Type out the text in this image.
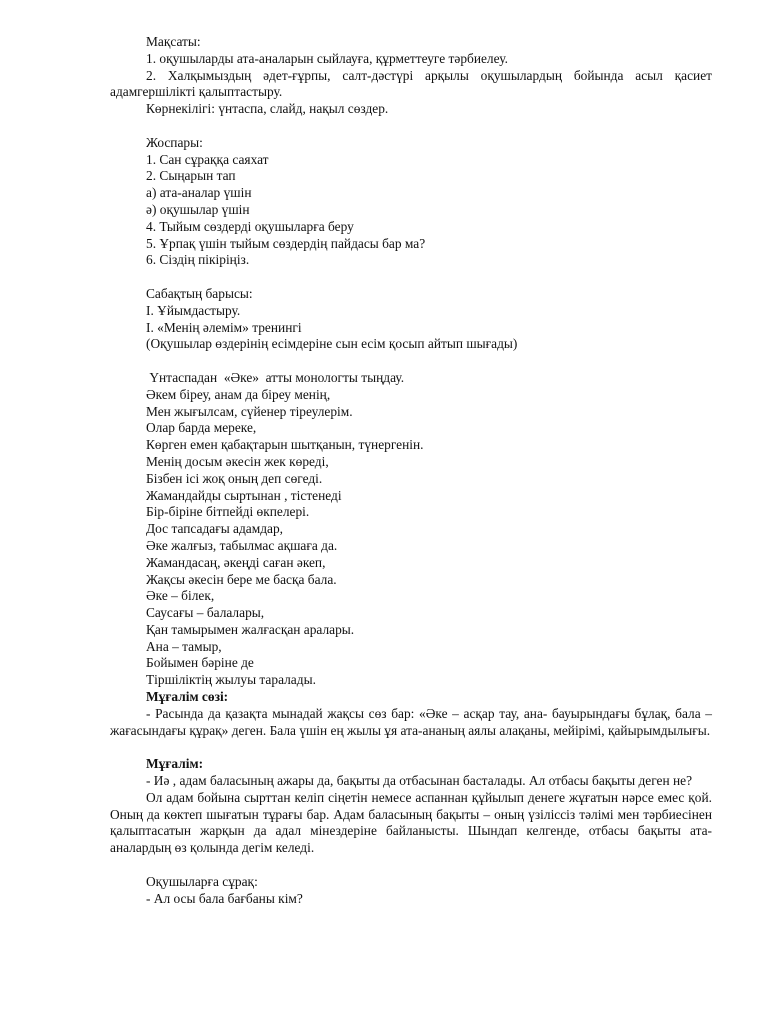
Мақсаты:

1. оқушыларды ата-аналарын сыйлауға, құрметтеуге тәрбиелеу.

2. Халқымыздың әдет-ғұрпы, салт-дәстүрі арқылы оқушылардың бойында асыл қасиет адамгершілікті қалыптастыру.

Көрнекілігі: үнтаспа, слайд, нақыл сөздер.

Жоспары:

1. Сан сұраққа саяхат

2. Сыңарын тап

а) ата-аналар үшін

ә) оқушылар үшін

4. Тыйым сөздерді оқушыларға беру

5. Ұрпақ үшін тыйым сөздердің пайдасы бар ма?

6. Сіздің пікіріңіз.

Сабақтың барысы:

І. Ұйымдастыру.

І. «Менің әлемім» тренингі

(Оқушылар өздерінің есімдеріне сын есім қосып айтып шығады)

Үнтаспадан  «Әке»  атты монологты тыңдау.

Әкем біреу, анам да біреу менің,

Мен жығылсам, сүйенер тіреулерім.

Олар барда мереке,

Көрген емен қабақтарын шытқанын, түнергенін.

Менің досым әкесін жек көреді,

Бізбен ісі жоқ оның деп сөгеді.

Жамандайды сыртынан , тістенеді

Бір-біріне бітпейді өкпелері.

Дос тапсадағы адамдар,

Әке жалғыз, табылмас ақшаға да.

Жамандасаң, әкеңді саған әкеп,

Жақсы әкесін бере ме басқа бала.

Әке – білек,

Саусағы – балалары,

Қан тамырымен жалғасқан аралары.

Ана – тамыр,

Бойымен бәріне де

Тіршіліктің жылуы таралады.

Мұғалім сөзі:

- Расында да қазақта мынадай жақсы сөз бар: «Әке – асқар тау, ана- бауырындағы бұлақ, бала – жағасындағы құрақ» деген. Бала үшін ең жылы ұя ата-ананың аялы алақаны, мейірімі, қайырымдылығы.

Мұғалім:

- Иә , адам баласының ажары да, бақыты да отбасынан басталады. Ал отбасы бақыты деген не?

Ол адам бойына сырттан келіп сіңетін немесе аспаннан құйылып денеге жұғатын нәрсе емес қой. Оның да көктеп шығатын тұрағы бар. Адам баласының бақыты – оның үзіліссіз тәлімі мен тәрбиесінен қалыптасатын жарқын да адал мінездеріне байланысты. Шындап келгенде, отбасы бақыты ата-аналардың өз қолында дегім келеді.

Оқушыларға сұрақ:

- Ал осы бала бағбаны кім?
